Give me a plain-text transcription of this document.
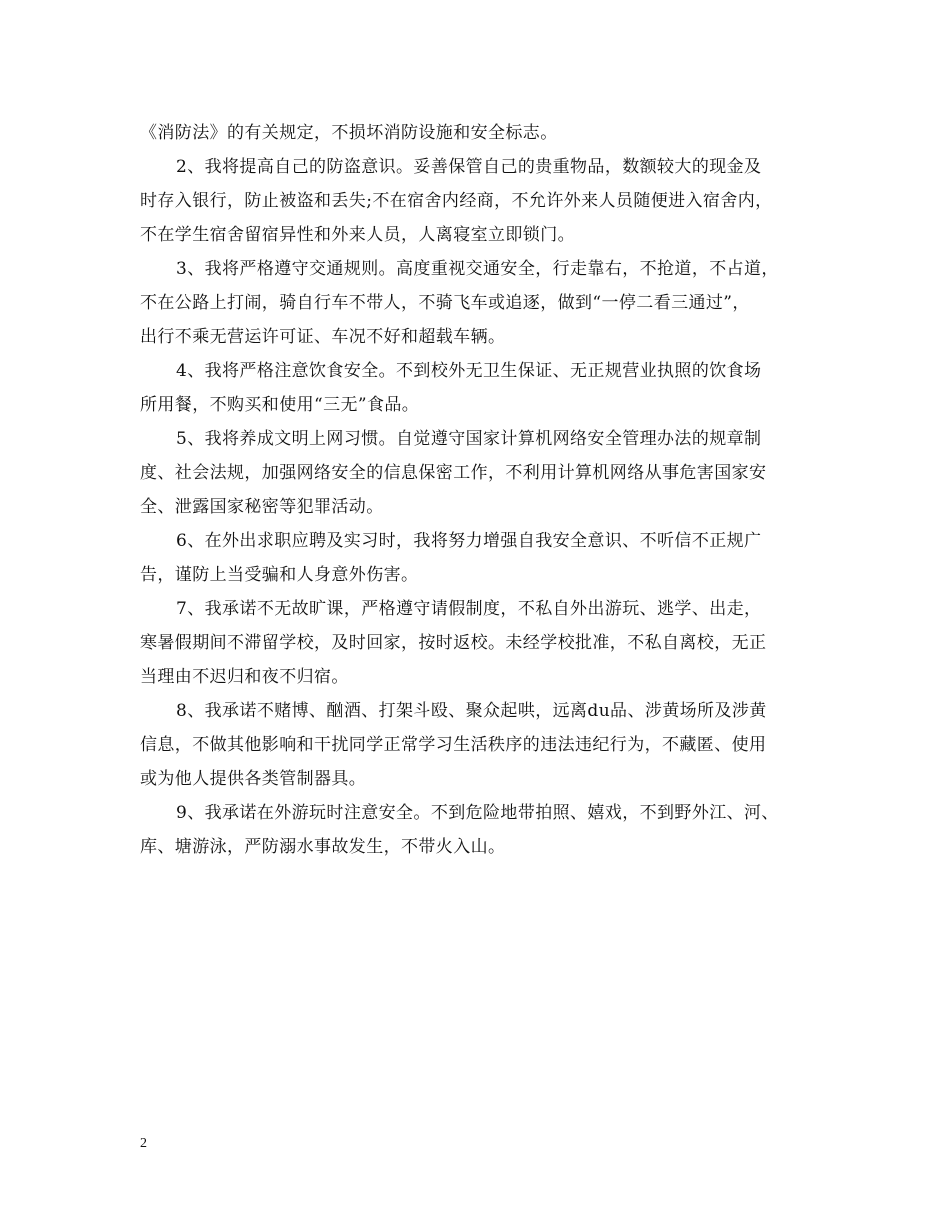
《消防法》的有关规定，不损坏消防设施和安全标志。

2、我将提高自己的防盗意识。妥善保管自己的贵重物品，数额较大的现金及
时存入银行，防止被盗和丢失;不在宿舍内经商，不允许外来人员随便进入宿舍内，
不在学生宿舍留宿异性和外来人员，人离寝室立即锁门。

3、我将严格遵守交通规则。高度重视交通安全，行走靠右，不抢道，不占道，
不在公路上打闹，骑自行车不带人，不骑飞车或追逐，做到“一停二看三通过”，
出行不乘无营运许可证、车况不好和超载车辆。

4、我将严格注意饮食安全。不到校外无卫生保证、无正规营业执照的饮食场
所用餐，不购买和使用“三无”食品。

5、我将养成文明上网习惯。自觉遵守国家计算机网络安全管理办法的规章制
度、社会法规，加强网络安全的信息保密工作，不利用计算机网络从事危害国家安
全、泄露国家秘密等犯罪活动。

6、在外出求职应聘及实习时，我将努力增强自我安全意识、不听信不正规广
告，谨防上当受骗和人身意外伤害。

7、我承诺不无故旷课，严格遵守请假制度，不私自外出游玩、逃学、出走，
寒暑假期间不滞留学校，及时回家，按时返校。未经学校批准，不私自离校，无正
当理由不迟归和夜不归宿。

8、我承诺不赌博、酗酒、打架斗殴、聚众起哄，远离du品、涉黄场所及涉黄
信息，不做其他影响和干扰同学正常学习生活秩序的违法违纪行为，不藏匿、使用
或为他人提供各类管制器具。

9、我承诺在外游玩时注意安全。不到危险地带拍照、嬉戏，不到野外江、河、
库、塘游泳，严防溺水事故发生，不带火入山。

2
